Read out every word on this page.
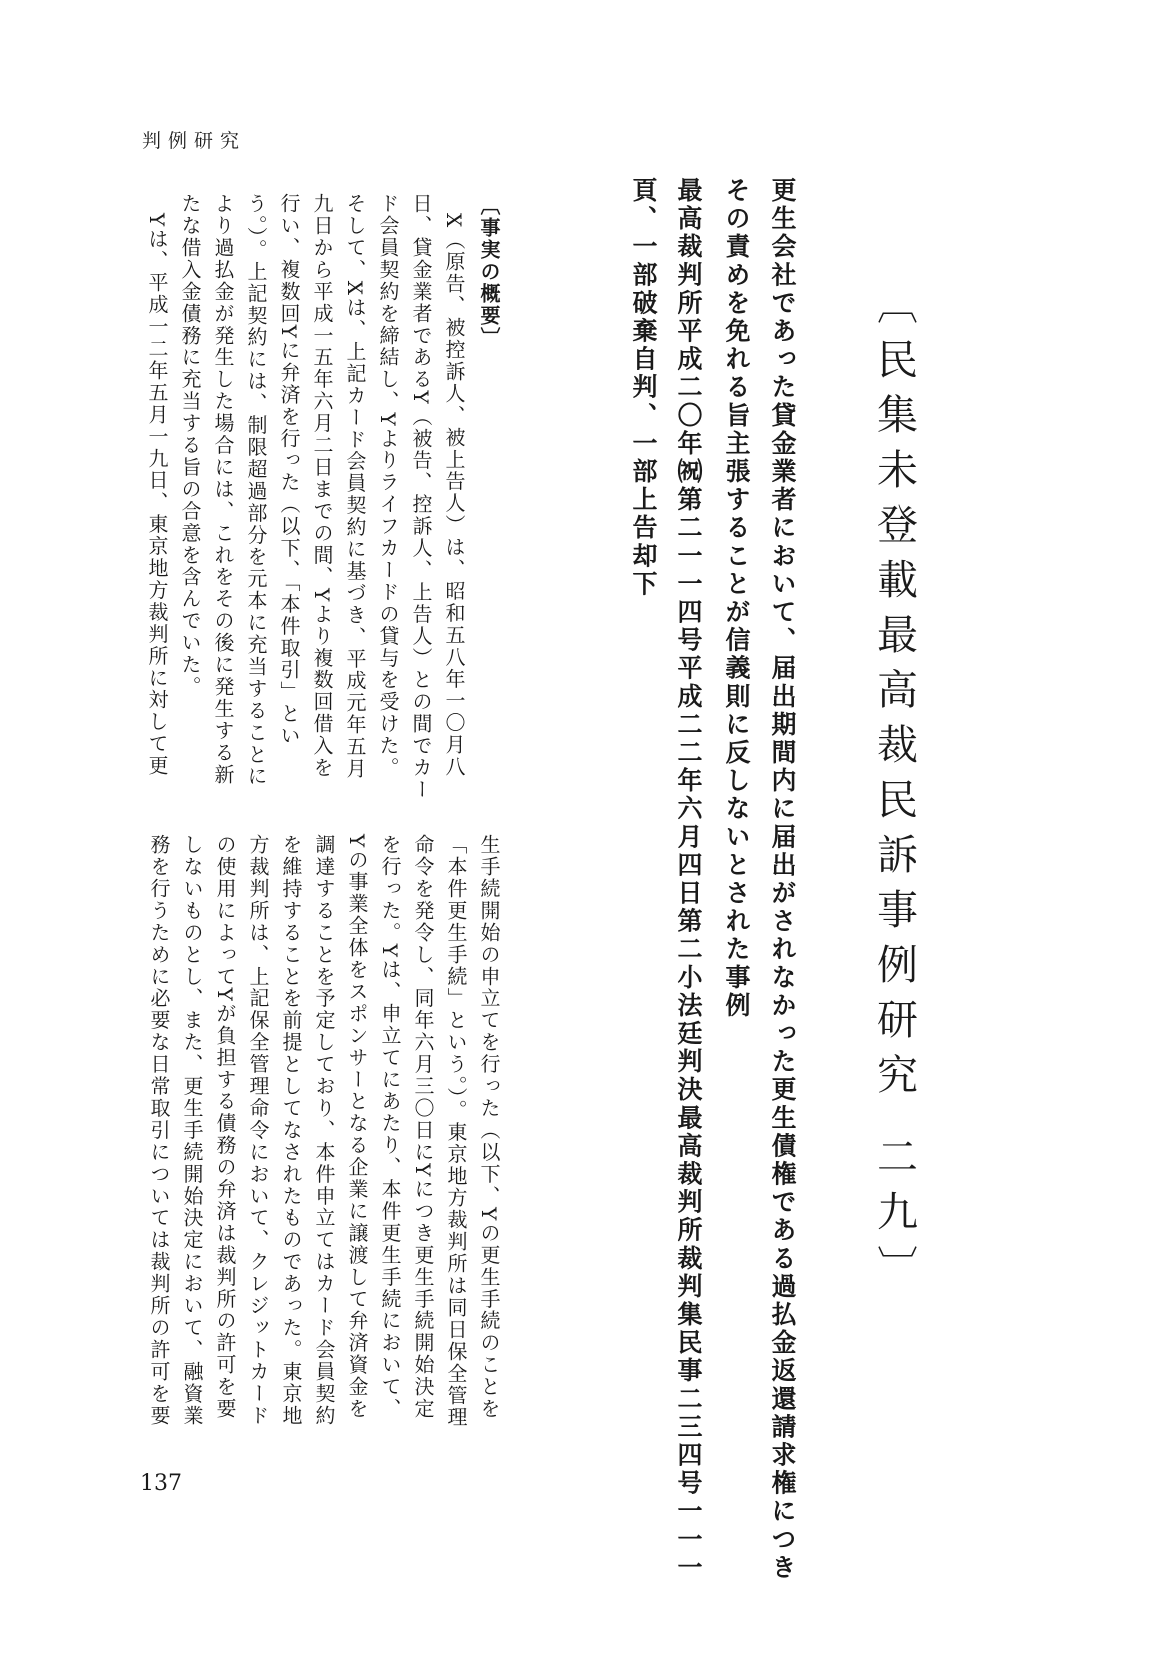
判例研究
〔民集未登載最高裁民訴事例研究 二九〕
更生会社であった貸金業者において、届出期間内に届出がされなかった更生債権である過払金返還請求権につき
その責めを免れる旨主張することが信義則に反しないとされた事例
最高裁判所平成二〇年㈷第二一一四号平成二二年六月四日第二小法廷判決最高裁判所裁判集民事二三四号一一一
頁、一部破棄自判、一部上告却下
〔事実の概要〕
X（原告、被控訴人、被上告人）は、昭和五八年一〇月八
日、貸金業者であるY（被告、控訴人、上告人）との間でカー
ド会員契約を締結し、Yよりライフカードの貸与を受けた。
そして、Xは、上記カード会員契約に基づき、平成元年五月
九日から平成一五年六月二日までの間、Yより複数回借入を
行い、複数回Yに弁済を行った（以下、「本件取引」とい
う。）。上記契約には、制限超過部分を元本に充当することに
より過払金が発生した場合には、これをその後に発生する新
たな借入金債務に充当する旨の合意を含んでいた。
Yは、平成一二年五月一九日、東京地方裁判所に対して更
生手続開始の申立てを行った（以下、Yの更生手続のことを
「本件更生手続」という。）。東京地方裁判所は同日保全管理
命令を発令し、同年六月三〇日にYにつき更生手続開始決定
を行った。Yは、申立てにあたり、本件更生手続において、
Yの事業全体をスポンサーとなる企業に譲渡して弁済資金を
調達することを予定しており、本件申立てはカード会員契約
を維持することを前提としてなされたものであった。東京地
方裁判所は、上記保全管理命令において、クレジットカード
の使用によってYが負担する債務の弁済は裁判所の許可を要
しないものとし、また、更生手続開始決定において、融資業
務を行うために必要な日常取引については裁判所の許可を要
137
